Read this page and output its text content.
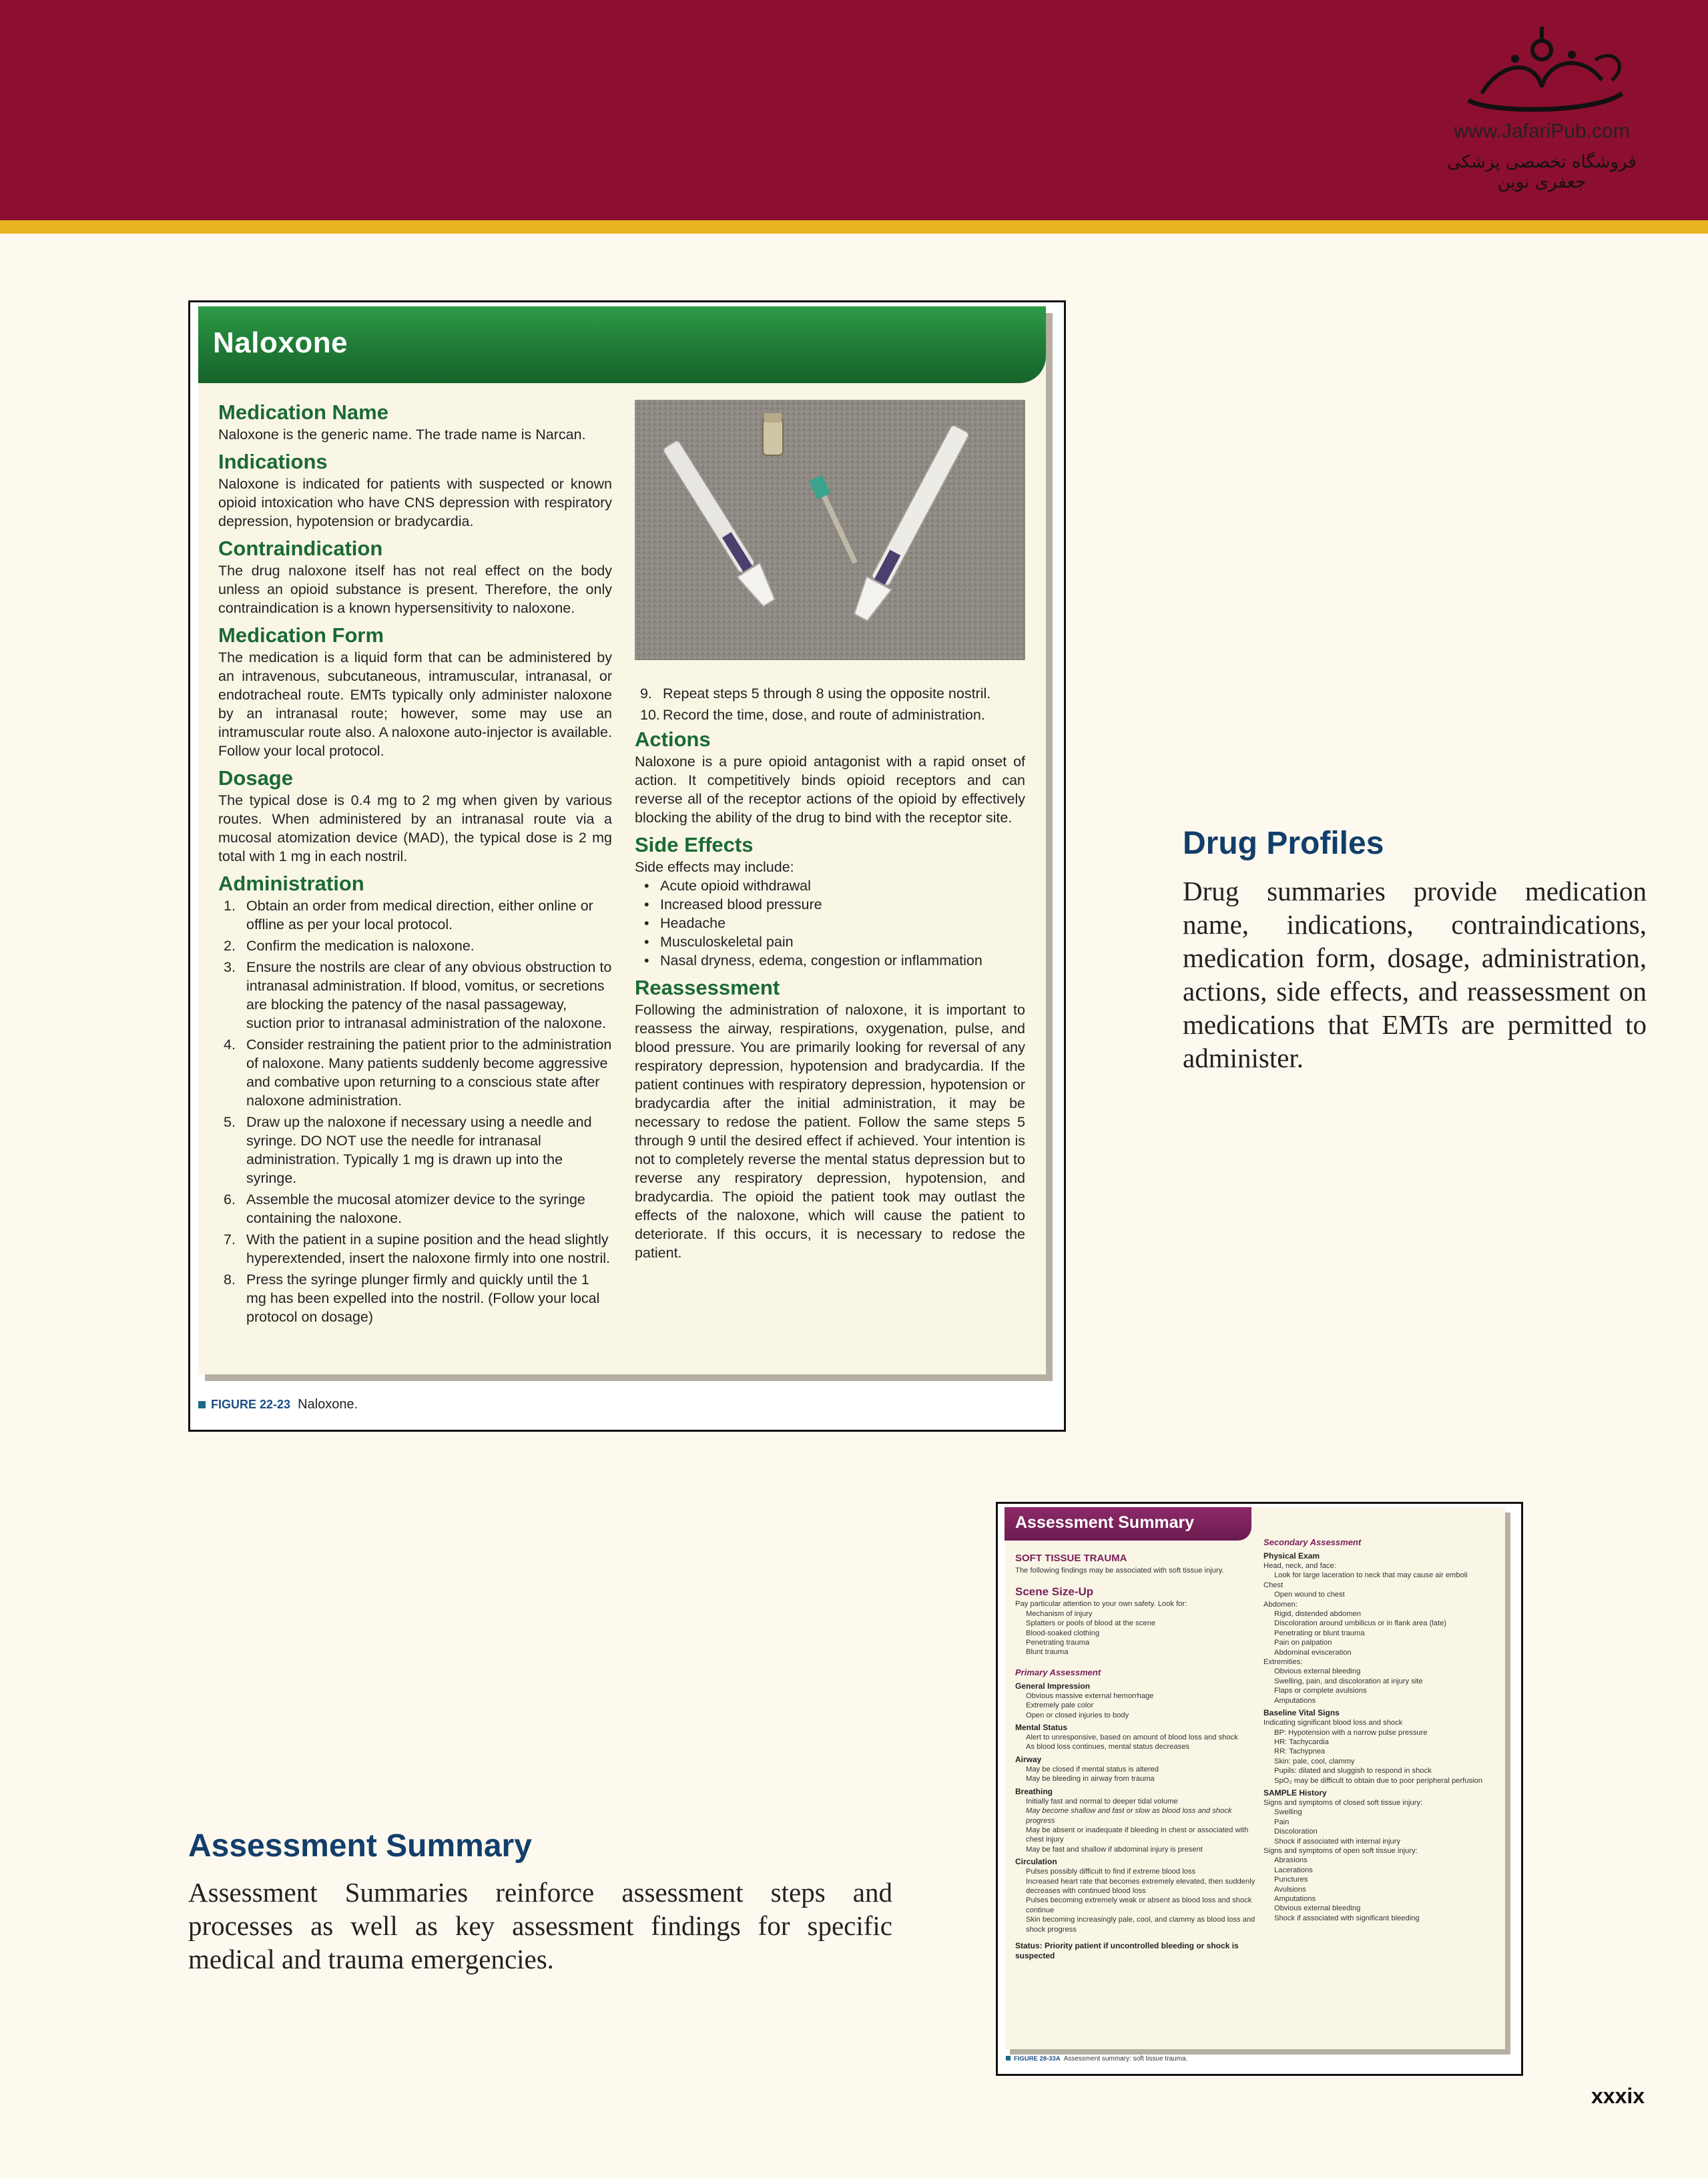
www.JafariPub.com
فروشگاه تخصصی پزشکی جعفری نوین
Naloxone
Medication Name

Naloxone is the generic name. The trade name is Narcan.

Indications

Naloxone is indicated for patients with suspected or known opioid intoxication who have CNS depression with respiratory depression, hypotension or bradycardia.

Contraindication

The drug naloxone itself has not real effect on the body unless an opioid substance is present. Therefore, the only contraindication is a known hypersensitivity to naloxone.

Medication Form

The medication is a liquid form that can be administered by an intravenous, subcutaneous, intramuscular, intranasal, or endotracheal route. EMTs typically only administer naloxone by an intranasal route; however, some may use an intramuscular route also. A naloxone auto-injector is available. Follow your local protocol.

Dosage

The typical dose is 0.4 mg to 2 mg when given by various routes. When administered by an intranasal route via a mucosal atomization device (MAD), the typical dose is 2 mg total with 1 mg in each nostril.

Administration
1. Obtain an order from medical direction, either online or offline as per your local protocol.
2. Confirm the medication is naloxone.
3. Ensure the nostrils are clear of any obvious obstruction to intranasal administration. If blood, vomitus, or secretions are blocking the patency of the nasal passageway, suction prior to intranasal administration of the naloxone.
4. Consider restraining the patient prior to the administration of naloxone. Many patients suddenly become aggressive and combative upon returning to a conscious state after naloxone administration.
5. Draw up the naloxone if necessary using a needle and syringe. DO NOT use the needle for intranasal administration. Typically 1 mg is drawn up into the syringe.
6. Assemble the mucosal atomizer device to the syringe containing the naloxone.
7. With the patient in a supine position and the head slightly hyperextended, insert the naloxone firmly into one nostril.
8. Press the syringe plunger firmly and quickly until the 1 mg has been expelled into the nostril. (Follow your local protocol on dosage)
9. Repeat steps 5 through 8 using the opposite nostril.
10. Record the time, dose, and route of administration.
Actions

Naloxone is a pure opioid antagonist with a rapid onset of action. It competitively binds opioid receptors and can reverse all of the receptor actions of the opioid by effectively blocking the ability of the drug to bind with the receptor site.

Side Effects

Side effects may include:

• Acute opioid withdrawal
• Increased blood pressure
• Headache
• Musculoskeletal pain
• Nasal dryness, edema, congestion or inflammation
Reassessment

Following the administration of naloxone, it is important to reassess the airway, respirations, oxygenation, pulse, and blood pressure. You are primarily looking for reversal of any respiratory depression, hypotension and bradycardia. If the patient continues with respiratory depression, hypotension or bradycardia after the initial administration, it may be necessary to redose the patient. Follow the same steps 5 through 9 until the desired effect if achieved. Your intention is not to completely reverse the mental status depression but to reverse any respiratory depression, hypotension, and bradycardia. The opioid the patient took may outlast the effects of the naloxone, which will cause the patient to deteriorate. If this occurs, it is necessary to redose the patient.

FIGURE 22-23 Naloxone.
Drug Profiles
Drug summaries provide medication name, indications, contraindications, medication form, dosage, administration, actions, side effects, and reassessment on medications that EMTs are permitted to administer.
Assessment Summary
Assessment Summaries reinforce assessment steps and processes as well as key assessment findings for specific medical and trauma emergencies.
Assessment Summary
SOFT TISSUE TRAUMA
The following findings may be associated with soft tissue injury.
Scene Size-Up
Pay particular attention to your own safety. Look for:
Mechanism of injury
Splatters or pools of blood at the scene
Blood-soaked clothing
Penetrating trauma
Blunt trauma
Primary Assessment
General Impression
Obvious massive external hemorrhage
Extremely pale color
Open or closed injuries to body
Mental Status
Alert to unresponsive, based on amount of blood loss and shock
As blood loss continues, mental status decreases
Airway
May be closed if mental status is altered
May be bleeding in airway from trauma
Breathing
Initially fast and normal to deeper tidal volume
May become shallow and fast or slow as blood loss and shock progress
May be absent or inadequate if bleeding in chest or associated with chest injury
May be fast and shallow if abdominal injury is present
Circulation
Pulses possibly difficult to find if extreme blood loss
Increased heart rate that becomes extremely elevated, then suddenly decreases with continued blood loss
Pulses becoming extremely weak or absent as blood loss and shock continue
Skin becoming increasingly pale, cool, and clammy as blood loss and shock progress
Status: Priority patient if uncontrolled bleeding or shock is suspected
Secondary Assessment
Physical Exam
Head, neck, and face:
Look for large laceration to neck that may cause air emboli
Chest
Open wound to chest
Abdomen:
Rigid, distended abdomen
Discoloration around umbilicus or in flank area (late)
Penetrating or blunt trauma
Pain on palpation
Abdominal evisceration
Extremities:
Obvious external bleeding
Swelling, pain, and discoloration at injury site
Flaps or complete avulsions
Amputations
Baseline Vital Signs
Indicating significant blood loss and shock
BP: Hypotension with a narrow pulse pressure
HR: Tachycardia
RR: Tachypnea
Skin: pale, cool, clammy
Pupils: dilated and sluggish to respond in shock
SpO₂ may be difficult to obtain due to poor peripheral perfusion
SAMPLE History
Signs and symptoms of closed soft tissue injury:
Swelling
Pain
Discoloration
Shock if associated with internal injury
Signs and symptoms of open soft tissue injury:
Abrasions
Lacerations
Punctures
Avulsions
Amputations
Obvious external bleeding
Shock if associated with significant bleeding
FIGURE 28-33A Assessment summary: soft tissue trauma.
xxxix
